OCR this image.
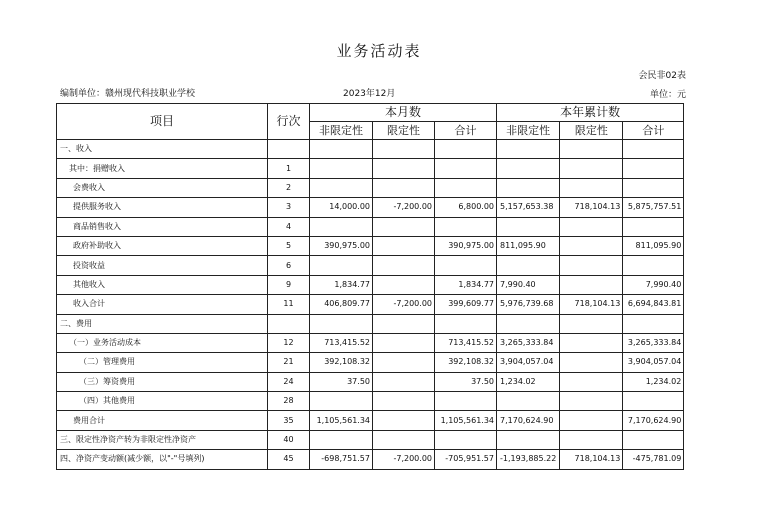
业务活动表
会民非02表
编制单位：赣州现代科技职业学校	2023年12月	单位：元
项目	行次	本月数			本年累计数		
		非限定性	限定性	合计	非限定性	限定性	合计
一、收入							
其中：捐赠收入	1						
会费收入	2						
提供服务收入	3	14,000.00	-7,200.00	6,800.00	5,157,653.38	718,104.13	5,875,757.51
商品销售收入	4						
政府补助收入	5	390,975.00		390,975.00	811,095.90		811,095.90
投资收益	6						
其他收入	9	1,834.77		1,834.77	7,990.40		7,990.40
收入合计	11	406,809.77	-7,200.00	399,609.77	5,976,739.68	718,104.13	6,694,843.81
二、费用							
（一）业务活动成本	12	713,415.52		713,415.52	3,265,333.84		3,265,333.84
（二）管理费用	21	392,108.32		392,108.32	3,904,057.04		3,904,057.04
（三）筹资费用	24	37.50		37.50	1,234.02		1,234.02
（四）其他费用	28						
费用合计	35	1,105,561.34		1,105,561.34	7,170,624.90		7,170,624.90
三、限定性净资产转为非限定性净资产	40						
四、净资产变动额(减少额，以"-"号填列)	45	-698,751.57	-7,200.00	-705,951.57	-1,193,885.22	718,104.13	-475,781.09
